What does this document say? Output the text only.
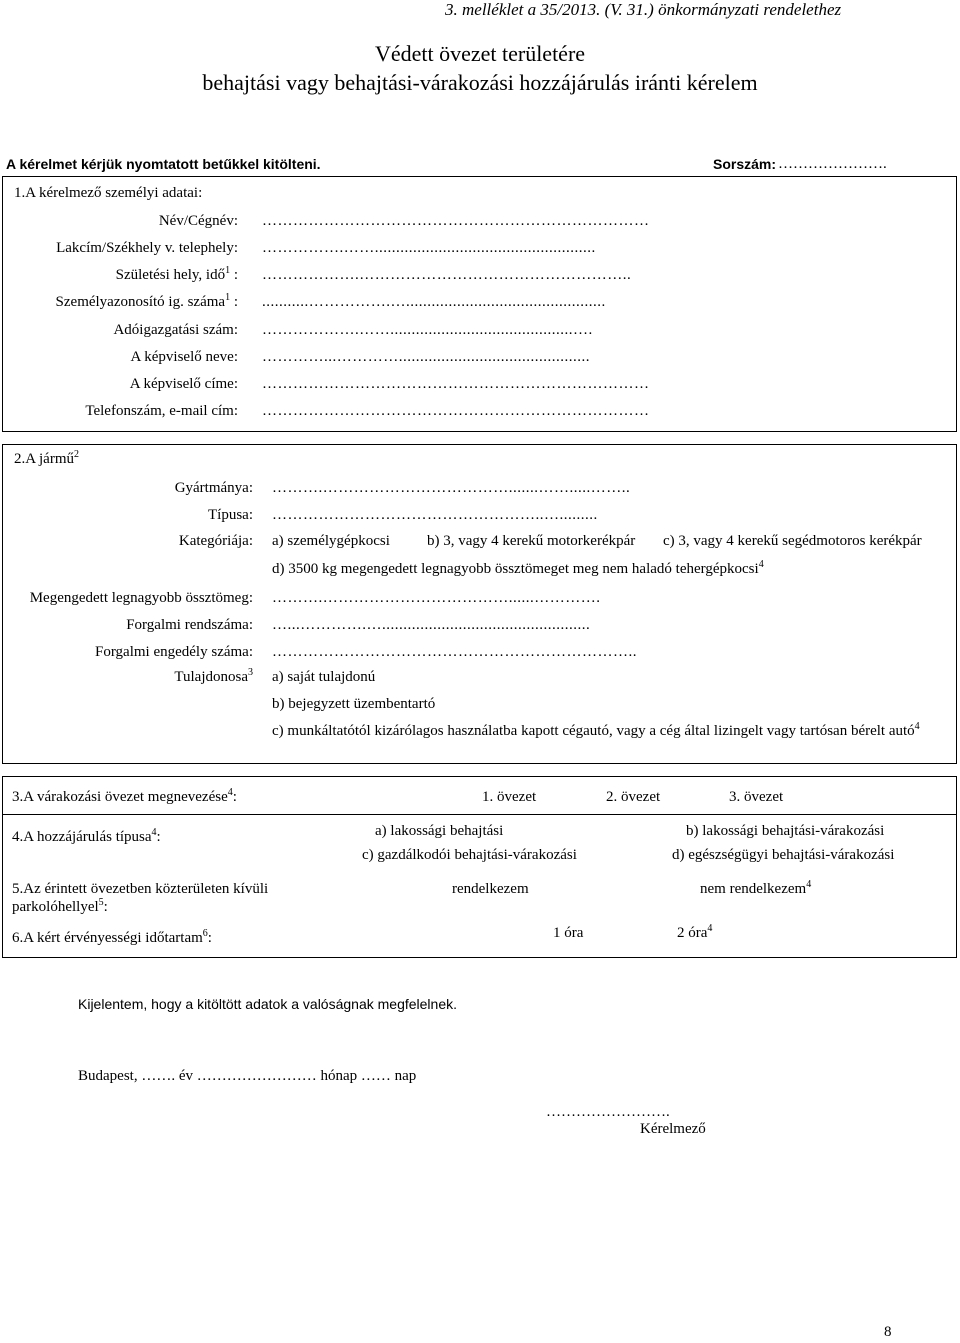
3. melléklet a 35/2013. (V. 31.) önkormányzati rendelethez
Védett övezet területére
behajtási vagy behajtási-várakozási hozzájárulás iránti kérelem
A kérelmet kérjük nyomtatott betűkkel kitölteni.	Sorszám: ………………….
1.A kérelmező személyi adatai:
Név/Cégnév: …………………………………………………………………
Lakcím/Székhely v. telephely: …………….……....................................................
Születési hely, idő$^1$ : ……………….……………………………………………..
Személyazonosító ig. száma$^1$ : ...........…………….…...............................................
Adóigazgatási szám: ……………….……...........................................….
A képviselő neve: …………...………….............................................
A képviselő címe: …………………………………………………………………
Telefonszám, e-mail cím: …………………………………………………………………
2.A jármű$^2$
Gyártmánya: ……….……………………………….......…….....……..
Típusa: ……………………………………………..….........
Kategóriája: a) személygépkocsi b) 3, vagy 4 kerekű motorkerékpár c) 3, vagy 4 kerekű segédmotoros kerékpár
d) 3500 kg megengedett legnagyobb össztömeget meg nem haladó tehergépkocsi$^4$
Megengedett legnagyobb össztömeg: ……….………………………………......………….
Forgalmi rendszáma: …...………….….................................................
Forgalmi engedély száma: ……………………………………………………………..
Tulajdonosa$^3$ a) saját tulajdonú
b) bejegyzett üzembentartó
c) munkáltatótól kizárólagos használatba kapott cégautó, vagy a cég által lizingelt vagy tartósan bérelt autó$^4$
3.A várakozási övezet megnevezése$^4$:	1. övezet	2. övezet	3. övezet
4.A hozzájárulás típusa$^4$:	a) lakossági behajtási	b) lakossági behajtási-várakozási
c) gazdálkodói behajtási-várakozási	d) egészségügyi behajtási-várakozási
5.Az érintett övezetben közterületen kívüli
parkolóhellyel$^5$:
rendelkezem	nem rendelkezem$^4$
6.A kért érvényességi időtartam$^6$:	1 óra	2 óra$^4$
Kijelentem, hogy a kitöltött adatok a valóságnak megfelelnek.
Budapest, ……. év …………………… hónap …… nap
…………………….
Kérelmező
8
